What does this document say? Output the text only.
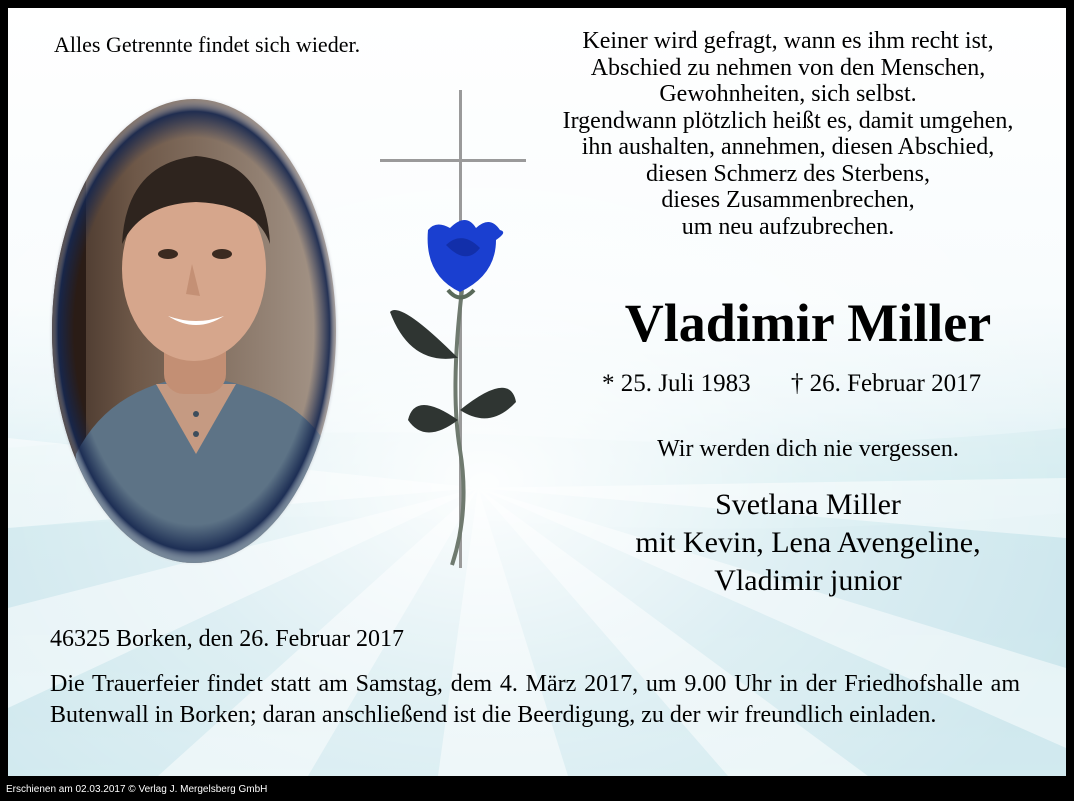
Alles Getrennte findet sich wieder.	Keiner wird gefragt, wann es ihm recht ist,
Abschied zu nehmen von den Menschen,
Gewohnheiten, sich selbst.
Irgendwann plötzlich heißt es, damit umgehen,
ihn aushalten, annehmen, diesen Abschied,
diesen Schmerz des Sterbens,
dieses Zusammenbrechen,
um neu aufzubrechen.
Vladimir Miller
* 25. Juli 1983 † 26. Februar 2017
Wir werden dich nie vergessen.
Svetlana Miller
mit Kevin, Lena Avengeline,
Vladimir junior
46325 Borken, den 26. Februar 2017
Die Trauerfeier findet statt am Samstag, dem 4. März 2017, um 9.00 Uhr in der Friedhofshalle am Butenwall in Borken; daran anschließend ist die Beerdigung, zu der wir freundlich einladen.
Erschienen am 02.03.2017 © Verlag J. Mergelsberg GmbH
